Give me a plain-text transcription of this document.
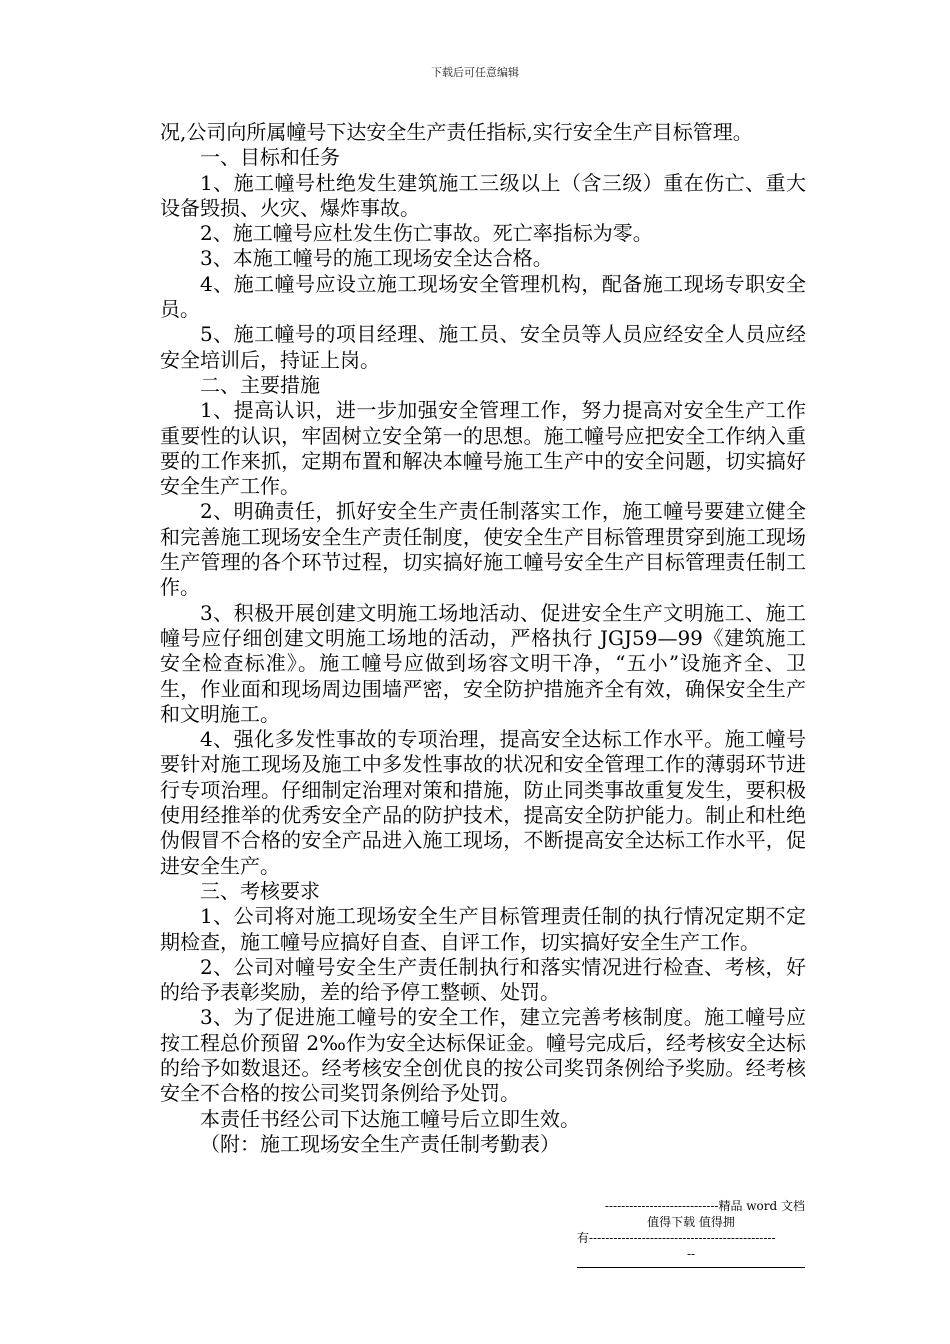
下载后可任意编辑

况,公司向所属幢号下达安全生产责任指标,实行安全生产目标管理。

一、目标和任务

1、施工幢号杜绝发生建筑施工三级以上（含三级）重在伤亡、重大设备毁损、火灾、爆炸事故。

2、施工幢号应杜发生伤亡事故。死亡率指标为零。

3、本施工幢号的施工现场安全达合格。

4、施工幢号应设立施工现场安全管理机构，配备施工现场专职安全员。

5、施工幢号的项目经理、施工员、安全员等人员应经安全人员应经安全培训后，持证上岗。

二、主要措施

1、提高认识，进一步加强安全管理工作，努力提高对安全生产工作重要性的认识，牢固树立安全第一的思想。施工幢号应把安全工作纳入重要的工作来抓，定期布置和解决本幢号施工生产中的安全问题，切实搞好安全生产工作。

2、明确责任，抓好安全生产责任制落实工作，施工幢号要建立健全和完善施工现场安全生产责任制度，使安全生产目标管理贯穿到施工现场生产管理的各个环节过程，切实搞好施工幢号安全生产目标管理责任制工作。

3、积极开展创建文明施工场地活动、促进安全生产文明施工、施工幢号应仔细创建文明施工场地的活动，严格执行 JGJ59—99《建筑施工安全检查标准》。施工幢号应做到场容文明干净，“五小”设施齐全、卫生，作业面和现场周边围墙严密，安全防护措施齐全有效，确保安全生产和文明施工。

4、强化多发性事故的专项治理，提高安全达标工作水平。施工幢号要针对施工现场及施工中多发性事故的状况和安全管理工作的薄弱环节进行专项治理。仔细制定治理对策和措施，防止同类事故重复发生，要积极使用经推举的优秀安全产品的防护技术，提高安全防护能力。制止和杜绝伪假冒不合格的安全产品进入施工现场，不断提高安全达标工作水平，促进安全生产。

三、考核要求

1、公司将对施工现场安全生产目标管理责任制的执行情况定期不定期检查，施工幢号应搞好自查、自评工作，切实搞好安全生产工作。

2、公司对幢号安全生产责任制执行和落实情况进行检查、考核，好的给予表彰奖励，差的给予停工整顿、处罚。

3、为了促进施工幢号的安全工作，建立完善考核制度。施工幢号应按工程总价预留 2‰作为安全达标保证金。幢号完成后，经考核安全达标的给予如数退还。经考核安全创优良的按公司奖罚条例给予奖励。经考核安全不合格的按公司奖罚条例给予处罚。

本责任书经公司下达施工幢号后立即生效。

（附：施工现场安全生产责任制考勤表）

----------------------------精品 word 文档
值得下载 值得拥
有----------------------------------------------
--
